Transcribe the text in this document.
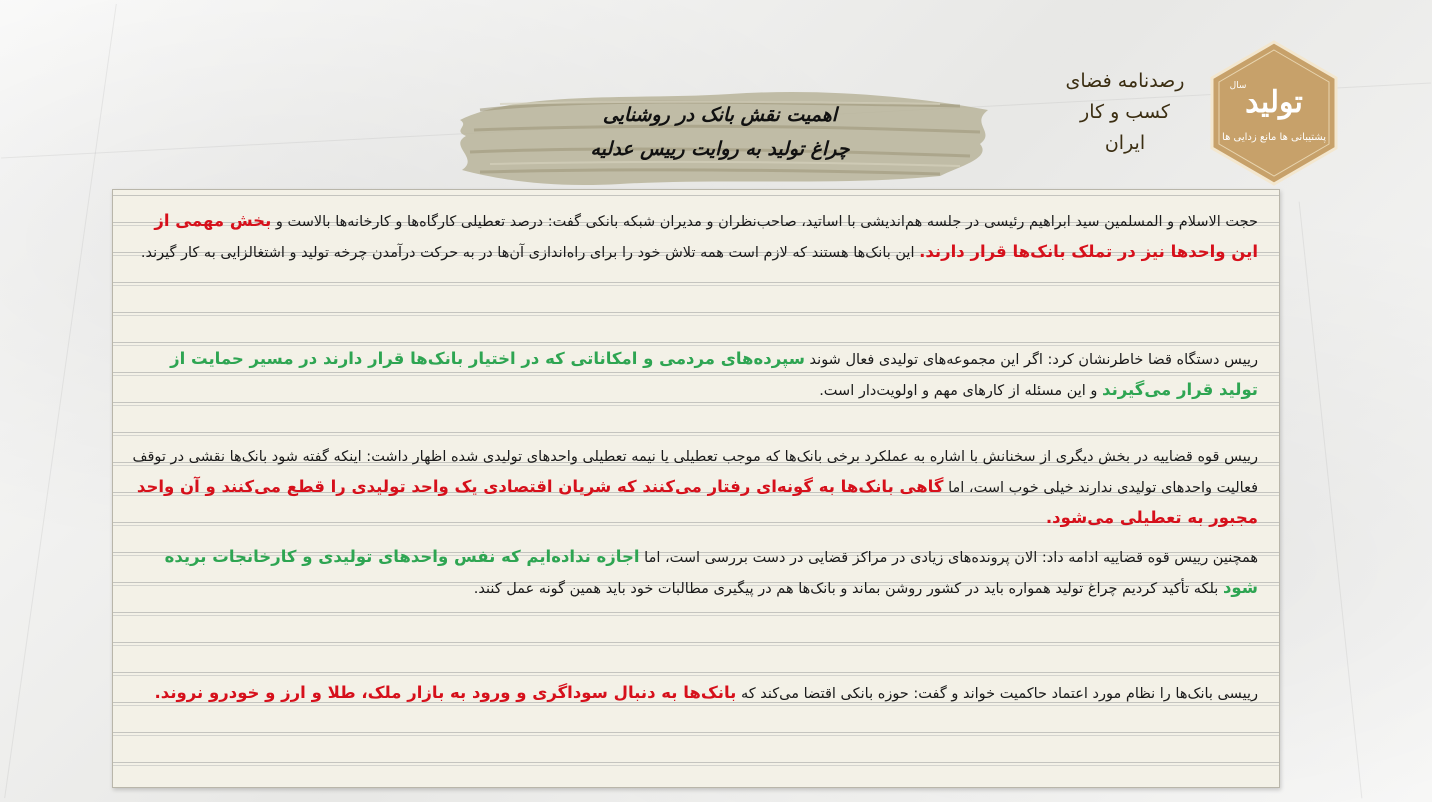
تولید
سال
پشتیبانی ها مانع زدایی ها
رصدنامه فضای
کسب و کار
ایران
اهمیت نقش بانک در روشنایی
چراغ تولید به روایت رییس عدلیه
حجت الاسلام و المسلمین سید ابراهیم رئیسی در جلسه هم‌اندیشی با اساتید، صاحب‌نظران و مدیران شبکه بانکی گفت: درصد تعطیلی کارگاه‌ها و کارخانه‌ها بالاست و بخش مهمی از این واحدها نیز در تملک بانک‌ها قرار دارند. این بانک‌ها هستند که لازم است همه تلاش خود را برای راه‌اندازی آن‌ها در به حرکت درآمدن چرخه تولید و اشتغالزایی به کار گیرند.
رییس دستگاه قضا خاطرنشان کرد: اگر این مجموعه‌های تولیدی فعال شوند سپرده‌های مردمی و امکاناتی که در اختیار بانک‌ها قرار دارند در مسیر حمایت از تولید قرار می‌گیرند و این مسئله از کارهای مهم و اولویت‌دار است.
رییس قوه قضاییه در بخش دیگری از سخنانش با اشاره به عملکرد برخی بانک‌ها که موجب تعطیلی یا نیمه تعطیلی واحدهای تولیدی شده اظهار داشت: اینکه گفته شود بانک‌ها نقشی در توقف فعالیت واحدهای تولیدی ندارند خیلی خوب است، اما گاهی بانک‌ها به گونه‌ای رفتار می‌کنند که شریان اقتصادی یک واحد تولیدی را قطع می‌کنند و آن واحد مجبور به تعطیلی می‌شود.
همچنین رییس قوه قضاییه ادامه داد: الان پرونده‌های زیادی در مراکز قضایی در دست بررسی است، اما اجازه نداده‌ایم که نفس واحدهای تولیدی و کارخانجات بریده شود بلکه تأکید کردیم چراغ تولید همواره باید در کشور روشن بماند و بانک‌ها هم در پیگیری مطالبات خود باید همین گونه عمل کنند.
رییسی بانک‌ها را نظام مورد اعتماد حاکمیت خواند و گفت: حوزه بانکی اقتضا می‌کند که بانک‌ها به دنبال سوداگری و ورود به بازار ملک، طلا و ارز و خودرو نروند.
